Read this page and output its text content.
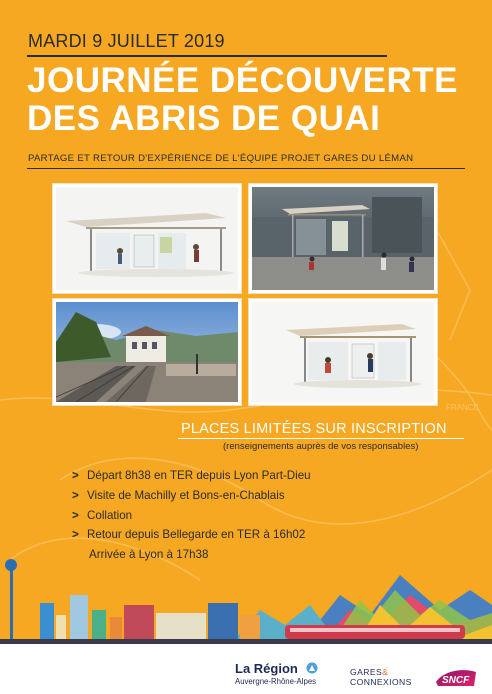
FRANCE
MARDI 9 JUILLET 2019
JOURNÉE DÉCOUVERTE
DES ABRIS DE QUAI
PARTAGE ET RETOUR D'EXPÉRIENCE DE L'ÉQUIPE PROJET GARES DU LÉMAN
PLACES LIMITÉES SUR INSCRIPTION
(renseignements auprès de vos responsables)
> Départ 8h38 en TER depuis Lyon Part-Dieu
> Visite de Machilly et Bons-en-Chablais
> Collation
> Retour depuis Bellegarde en TER à 16h02
Arrivée à Lyon à 17h38
La Région
Auvergne-Rhône-Alpes
GARES&
CONNEXIONS	SNCF
